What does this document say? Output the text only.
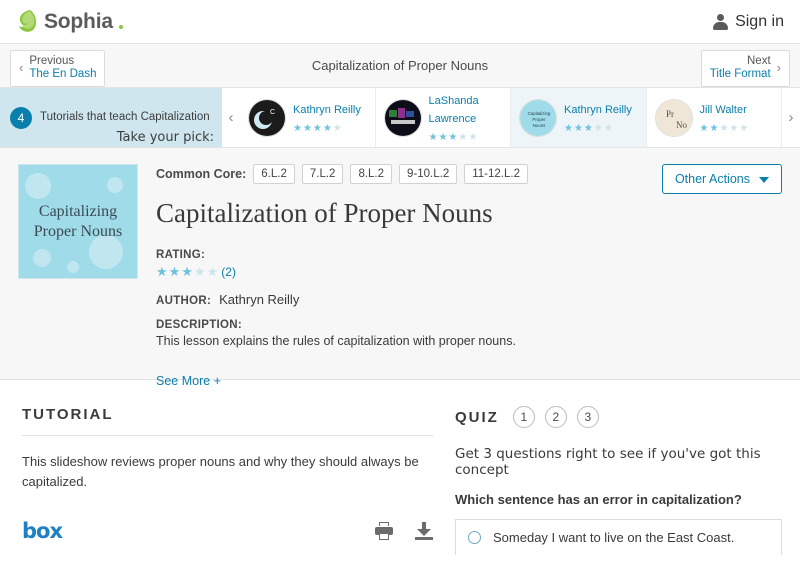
Sophia	Sign in
‹ Previous
The En Dash
Capitalization of Proper Nouns	Next
Title Format ›
4	Tutorials that teach Capitalization
Take your pick:
‹	C Kathryn Reilly ★★★★★
LaShanda Lawrence ★★★★★
Capitalizing
Proper
Nouns
Kathryn Reilly ★★★★★
Pr
No
Jill Walter ★★★★★
›
Capitalizing Proper Nouns
Common Core:	6.L.2	7.L.2	8.L.2	9-10.L.2	11-12.L.2
Capitalization of Proper Nouns
RATING:
★★★★★ (2)
AUTHOR: Kathryn Reilly
DESCRIPTION:
This lesson explains the rules of capitalization with proper nouns.
See More +
Other Actions
TUTORIAL
This slideshow reviews proper nouns and why they should always be capitalized.
box
QUIZ	1	2	3
Get 3 questions right to see if you've got this concept
Which sentence has an error in capitalization?
Someday I want to live on the East Coast.
